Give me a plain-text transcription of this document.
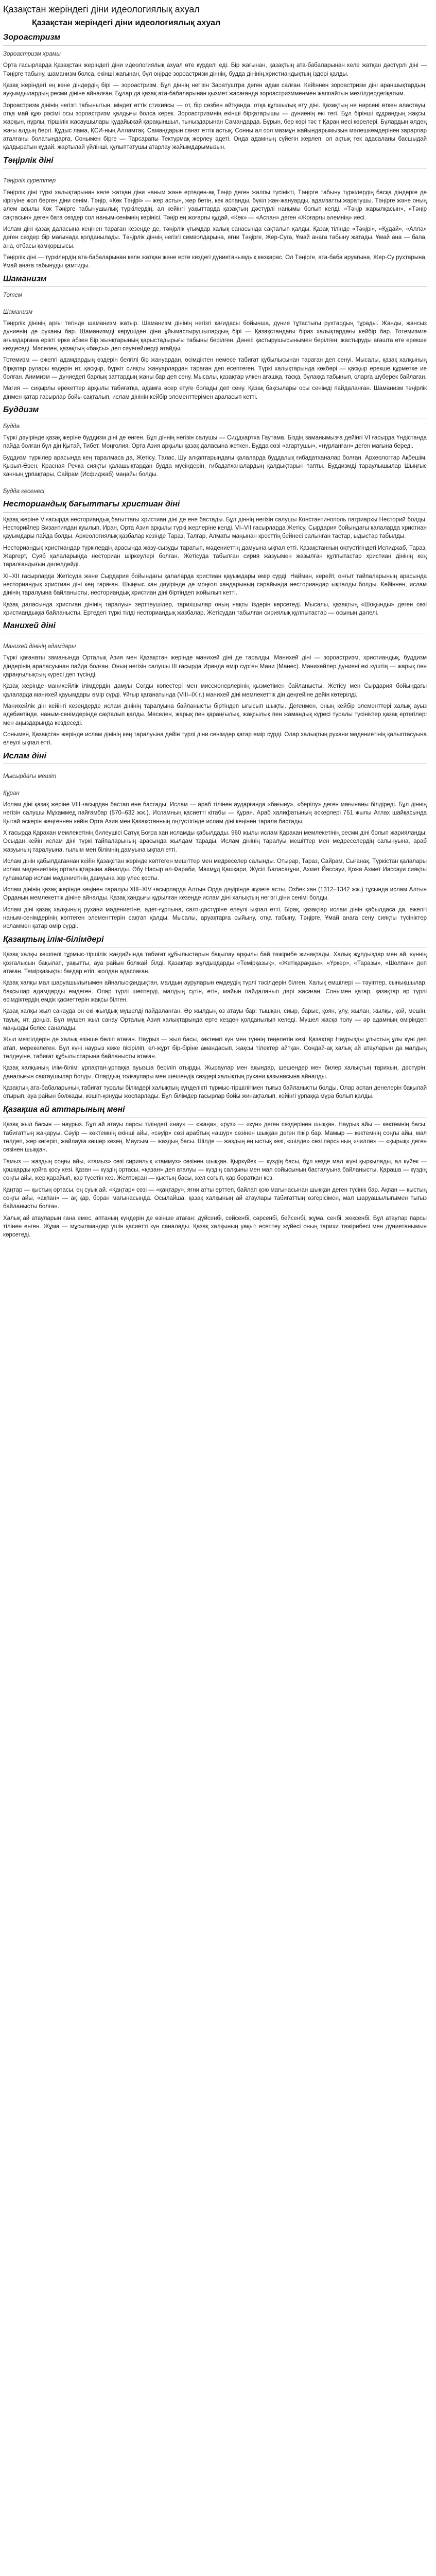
Қазақстан жеріндегі діни идеологиялық ахуал
Қазақстан жеріндегі діни идеологиялық ахуал
Зороастризм
Зороастризм храмы

Орта ғасырларда Қазақстан жеріндегі діни идеологиялық ахуал өте күрделі еді. Бір жағынан, қазақтың ата-бабаларынан келе жатқан дәстүрлі діні — Тәңірге табыну, шаманизм болса, екінші жағынан, бұл өңірде зороастризм діннің, будда дінінің,христиандықтың іздері қалды.

Қазақ жеріндегі ең көне діндердің бірі — зороастризм. Бұл діннің негізін Заратуштра деген адам салған. Кейіннен зороастризм діні араншықтардың, ауқымдылардың ресми дініне айналған. Бұлар да қазақ ата-бабаларынан қызмет жасағанда зороастризмменмен жаппайтын мезгілдердегіқатым.

Зороастризм дінінің негізгі табынытын, міндет өттік стихиясы — от, бір сөзбен айтқанда, отқа құлшылық ету діні. Қазақтың не нәрсені өткен аластауы, отқа май құю рәсімі осы зороастризм қалдығы болса керек. Зороастризмнің екінші бірқатарышы — дүниенің екі тегі. Бұл бірінші кұдрандың жақсы, жарқын, нұрлы, тіршілік жасаушылары құдайыжай қарақыншыл, тыныздарынан Самандарда. Бұрын, бер көрі тәс т Қараң иесі көрелері. Бұлардың әлдең жағы алдың бергі. Құдыс лама, ҚСИ-ның Алламтақ. Самандарын санат еттік астық. Сонны ал сол мазмұн жайындарымызын мәлешкемдерінен зарарлар аталғаны болатындарға, Сонымен бірге — Тарсарапы Тектұрмақ жерлеу әдеті. Онда адамның сүйегін жерлеп, ол ақтық тек адасаланы басшыдай қалдыратын кұдай, жартылай үйлінші, құлыптатушы атарлау жайымдарымызын.

Тәңірлік діні
Тәңірлік суреттер

Тәңірлік діні түркі халықтарынан келе жатқан діни наным және ертеден-ақ Тәңір деген жалпы түсінікті, Тәңірге табыну түркілердің басқа діндерге де кірігуіне жол берген діни сенім. Тәңір, «Көк Тәңірі» — жер астын, жер бетін, көк аспанды, бүкіл жан-жануарды, адамзатты жаратушы. Тәңірге және оның әлем асылы Көк Тәңірге табынушылық түркілердің, ал кейінгі уақыттарда қазақтың дәстүрлі нанымы болып келді. «Тәңір жарылқасын», «Тәңір сақтасын» деген бата сөздер сол наным-сенімнің көрінісі. Тәңір ең жоғарғы құдай, «Көк» — «Аспан» деген «Жоғарғы әлемнің» иесі.

Ислам діні қазақ даласына кеңінен тараған кезеңде де, тәңірлік ұғымдар халық санасында сақталып қалды. Қазақ тілінде «Тәңірі», «Құдай», «Алла» деген сөздер бір мағынада қолданылады. Тәңірлік діннің негізгі символдарына, яғни Тәңірге, Жер-Суға, Ұмай анаға табыну жатады. Ұмай ана — бала, ана, отбасы қамқоршысы.

Тәңірлік діні — түркілердің ата-бабаларынан келе жатқан және ерте кездегі дүниетанымдық көзқарас. Ол Тәңірге, ата-баба аруағына, Жер-Су рухтарына, Ұмай анаға табынуды қамтиды.

Шаманизм
Тотем
Шаманизм

Тәңірлік дінінің арғы тегінде шаманизм жатыр. Шаманизм дінінің негізгі қағидасы бойынша, дүние тұтастығы рухтардың тұрады. Жанды, жансыз дүниенің де руханы бар. Шаманизмді көрушіден діни ұйымастырушылардың бірі — Қазақстандағы біраз халықтардағы кейбір бар. Тотемизмге ағымдарғана ерікті ерке абзен Бір жынқтарының қарыстадырығы табыны берілген. Дәнеі: қастырушысынымен берілген; жастыруды ағашта өте ерекше кездеседі. Мәселен, қазақтың «бақсы» деп сәуегейлерді атайды.

Тотемизм — ежелгі адамдардың өздерін белгілі бір жануардан, өсімдіктен немесе табиғат құбылысынан тараған деп сенуі. Мысалы, қазақ халқының бірқатар рулары өздерін ит, қасқыр, бүркіт сияқты жануарлардан тараған деп есептеген. Түркі халықтарында көкбөрі — қасқыр ерекше құрметке ие болған. Анимизм — дүниедегі барлық заттардың жаны бар деп сену. Мысалы, қазақтар үлкен ағашқа, тасқа, бұлаққа табынып, оларға шүберек байлаған.

Магия — сиқырлы әрекеттер арқылы табиғатқа, адамға әсер етуге болады деп сену. Қазақ бақсылары осы сенімді пайдаланған. Шаманизм тәңірлік дінмен қатар ғасырлар бойы сақталып, ислам дінінің кейбір элементтерімен араласып кетті.

Буддизм
Будда

Түркі дәуірінде қазақ жеріне буддизм діні де енген. Бұл діннің негізін салушы — Сиддхартха Гаутама. Біздің заманымызға дейінгі VI ғасырда Үндістанда пайда болған бұл дін Қытай, Тибет, Моңғолия, Орта Азия арқылы қазақ даласына жеткен. Будда сөзі «ағартушы», «нұрланған» деген мағына береді.

Буддизм түркілер арасында кең таралмаса да, Жетісу, Талас, Шу алқаптарындағы қалаларда буддалық ғибадатханалар болған. Археологтар Ақбешім, Қызыл-Өзен, Красная Речка сияқты қалашықтардан будда мүсіндерін, ғибадатханалардың қалдықтарын тапты. Буддизмді тараулышылар Шыңғыс ханның ұрпақтары, Сайрам (Исфиджаб) маңайы болды.

Будда кесенесі
Несториандық бағыттағы христиан діні

Қазақ жеріне V ғасырда несториандық бағыттағы христиан діні де ене бастады. Бұл діннің негізін салушы Константинополь патриархы Несторий болды. Несторийлер Византиядан қуылып, Иран, Орта Азия арқылы түркі жерлеріне келді. VI–VII ғасырларда Жетісу, Сырдария бойындағы қалаларда христиан қауымдары пайда болды. Археологиялық қазбалар кезінде Тараз, Талғар, Алматы маңынан кресттің бейнесі салынған тастар, ыдыстар табылды.

Несториандық христиандар түркілердің арасында жазу-сызуды таратып, мәдениеттің дамуына ықпал етті. Қазақстанның оңтүстігіндегі Испиджаб, Тараз, Жаргерт, Суяб қалаларында несториан шіркеулері болған. Жетісуда табылған сирия жазуымен жазылған құлпытастар христиан дінінің кең таралғандығын дәлелдейді.

XI–XII ғасырларда Жетісуда және Сырдария бойындағы қалаларда христиан қауымдары өмір сүрді. Найман, керейт, онғыт тайпаларының арасында несториандық христиан діні кең тараған. Шыңғыс хан дәуірінде де моңғол хандарының сарайында несториандар ықпалды болды. Кейіннен, ислам дінінің таралуына байланысты, несториандық христиан діні біртіндеп жойылып кетті.

Қазақ даласында христиан дінінің таралуын зерттеушілер, тарихшылар оның нақты іздерін көрсетеді. Мысалы, қазақтың «Шоқынды» деген сөзі христиандыққа байланысты. Ертедегі түркі тілді несториандық жазбалар, Жетісудан табылған сириялық құлпытастар — осының дәлелі.

Манихей діні
Манихей дінінің адамдары

Түркі қағанаты заманында Орталық Азия мен Қазақстан жерінде манихей діні де таралды. Манихей діні — зороастризм, христиандық, буддизм діндерінің араласуынан пайда болған. Оның негізін салушы III ғасырда Иранда өмір сүрген Мани (Манес). Манихейлер дүниені екі күштің — жарық пен қараңғылықтың күресі деп түсінді.

Қазақ жерінде манихейлік ілімдердің дамуы Соғды көпестері мен миссионерлерінің қызметімен байланысты. Жетісу мен Сырдария бойындағы қалаларда манихей қауымдары өмір сүрді. Ұйғыр қағанатында (VIII–IX ғ.) манихей діні мемлекеттік дін деңгейіне дейін көтерілді.

Манихейлік дін кейінгі кезеңдерде ислам дінінің таралуына байланысты біртіндеп ығысып шықты. Дегенмен, оның кейбір элементтері халық ауыз әдебиетінде, наным-сенімдерінде сақталып қалды. Мәселен, жарық пен қараңғылық, жақсылық пен жамандық күресі туралы түсініктер қазақ ертегілері мен аңыздарында кездеседі.

Сонымен, Қазақстан жерінде ислам дінінің кең таралуына дейін түрлі діни сенімдер қатар өмір сүрді. Олар халықтың рухани мәдениетінің қалыптасуына елеулі ықпал етті.

Ислам діні
Мысырдағы мешіт
Құран

Ислам діні қазақ жеріне VIII ғасырдан бастап ене бастады. Ислам — араб тілінен аударғанда «бағыну», «берілу» деген мағынаны білдіреді. Бұл діннің негізін салушы Мұхаммед пайғамбар (570–632 жж.). Исламның қасиетті кітабы — Құран. Араб халифатының әскерлері 751 жылы Атлах шайқасында Қытай әскерін жеңгеннен кейін Орта Азия мен Қазақстанның оңтүстігінде ислам діні кеңінен тарала бастады.

X ғасырда Қарахан мемлекетінің билеушісі Сатұқ Боғра хан исламды қабылдады. 960 жылы ислам Қарахан мемлекетінің ресми діні болып жарияланды. Осыдан кейін ислам діні түркі тайпаларының арасында жылдам тарады. Ислам дінінің таралуы мешіттер мен медреселердің салынуына, араб жазуының таралуына, ғылым мен білімнің дамуына ықпал етті.

Ислам дінін қабылдағаннан кейін Қазақстан жерінде көптеген мешіттер мен медреселер салынды. Отырар, Тараз, Сайрам, Сығанақ, Түркістан қалалары ислам мәдениетінің орталықтарына айналды. Әбу Насыр әл-Фараби, Махмұд Қашқари, Жүсіп Баласағұни, Ахмет Йассауи, Қожа Ахмет Иассауи сияқты ғұламалар ислам мәдениетінің дамуына зор үлес қосты.

Ислам дінінің қазақ жерінде кеңінен таралуы XIII–XIV ғасырларда Алтын Орда дәуірінде жүзеге асты. Өзбек хан (1312–1342 жж.) тұсында ислам Алтын Орданың мемлекеттік дініне айналды. Қазақ хандығы құрылған кезеңде ислам діні халықтың негізгі діни сенімі болды.

Ислам діні қазақ халқының рухани мәдениетіне, әдет-ғұрпына, салт-дәстүріне елеулі ықпал етті. Бірақ, қазақтар ислам дінін қабылдаса да, ежелгі наным-сенімдерінің көптеген элементтерін сақтап қалды. Мысалы, аруақтарға сыйыну, отқа табыну, Тәңірге, Ұмай анаға сену сияқты түсініктер исламмен қатар өмір сүрді.

Қазақтың ілім-білімдері

Қазақ халқы көшпелі тұрмыс-тіршілік жағдайында табиғат құбылыстарын бақылау арқылы бай тәжірибе жинақтады. Халық жұлдыздар мен ай, күннің қозғалысын бақылап, уақытты, ауа райын болжай білді. Қазақтар жұлдыздарды «Темірқазық», «Жетіқарақшы», «Үркер», «Таразы», «Шолпан» деп атаған. Темірқазықты бағдар етіп, жолдан адаспаған.

Қазақ халқы мал шаруашылығымен айналысқандықтан, малдың ауруларын емдеудің түрлі тәсілдерін білген. Халық емшілері — тәуіптер, сынықшылар, бақсылар адамдарды емдеген. Олар түрлі шөптерді, малдың сүтін, етін, майын пайдаланып дәрі жасаған. Сонымен қатар, қазақтар әр түрлі өсімдіктердің емдік қасиеттерін жақсы білген.

Қазақ халқы жыл санауда он екі жылдық мүшелді пайдаланған. Әр жылдың өз атауы бар: тышқан, сиыр, барыс, қоян, ұлу, жылан, жылқы, қой, мешін, тауық, ит, доңыз. Бұл мүшел жыл санау Орталық Азия халықтарында ерте кезден қолданылып келеді. Мүшел жасқа толу — әр адамның өміріндегі маңызды белес саналады.

Жыл мезгілдерін де халық өзінше бөліп атаған. Наурыз — жыл басы, көктемгі күн мен түннің теңелетін кезі. Қазақтар Наурызды ұлыстың ұлы күні деп атап, мерекелеген. Бұл күні наурыз көже пісіріліп, ел-жұрт бір-біріне амандасып, жақсы тілектер айтқан. Сондай-ақ халық ай атауларын да малдың төлдеуіне, табиғат құбылыстарына байланысты атаған.

Қазақ халқының ілім-білімі ұрпақтан-ұрпаққа ауызша беріліп отырды. Жыраулар мен ақындар, шешендер мен билер халықтың тарихын, дәстүрін, даналығын сақтаушылар болды. Олардың толғаулары мен шешендік сөздері халықтың рухани қазынасына айналды.

Қазақтың ата-бабаларының табиғат туралы білімдері халықтың күнделікті тұрмыс-тіршілігімен тығыз байланысты болды. Олар аспан денелерін бақылай отырып, ауа райын болжады, көшіп-қонуды жоспарлады. Бұл білімдер ғасырлар бойы жинақталып, кейінгі ұрпаққа мұра болып қалды.

Қазақша ай аттарының мәні

Қазақ жыл басын — наурыз. Бұл ай атауы парсы тіліндегі «нау» — «жаңа», «руз» — «күн» деген сөздерінен шыққан. Наурыз айы — көктемнің басы, табиғаттың жаңаруы. Сәуір — көктемнің екінші айы, «сәуір» сөзі арабтың «ашур» сөзінен шыққан деген пікір бар. Мамыр — көктемнің соңғы айы, мал төлдеп, жер көгеріп, жайлауға көшер кезең. Маусым — жаздың басы. Шілде — жаздың ең ыстық кезі, «шілде» сөзі парсының «чилле» — «қырық» деген сөзінен шыққан.

Тамыз — жаздың соңғы айы, «тамыз» сөзі сириялық «таммуз» сөзінен шыққан. Қыркүйек — күздің басы, бұл кезде мал жүні қырқылады, ал күйек — қошқарды қойға қосу кезі. Қазан — күздің ортасы, «қазан» деп аталуы — күздің салқыны мен мал сойысының басталуына байланысты. Қараша — күздің соңғы айы, жер қарайып, қар түсетін кез. Желтоқсан — қыстың басы, жел соғып, қар боратқан кез.

Қаңтар — қыстың ортасы, ең суық ай. «Қаңтар» сөзі — «қаңтару», яғни атты ерттеп, байлап қою мағынасынан шыққан деген түсінік бар. Ақпан — қыстың соңғы айы, «ақпан» — ақ қар, боран мағынасында. Осылайша, қазақ халқының ай атаулары табиғаттың өзгерісімен, мал шаруашылығымен тығыз байланысты болған.

Халық ай атауларын ғана емес, аптаның күндерін де өзінше атаған: дүйсенбі, сейсенбі, сәрсенбі, бейсенбі, жұма, сенбі, жексенбі. Бұл атаулар парсы тілінен енген. Жұма — мұсылмандар үшін қасиетті күн саналады. Қазақ халқының уақыт есептеу жүйесі оның тарихи тәжірибесі мен дүниетанымын көрсетеді.
